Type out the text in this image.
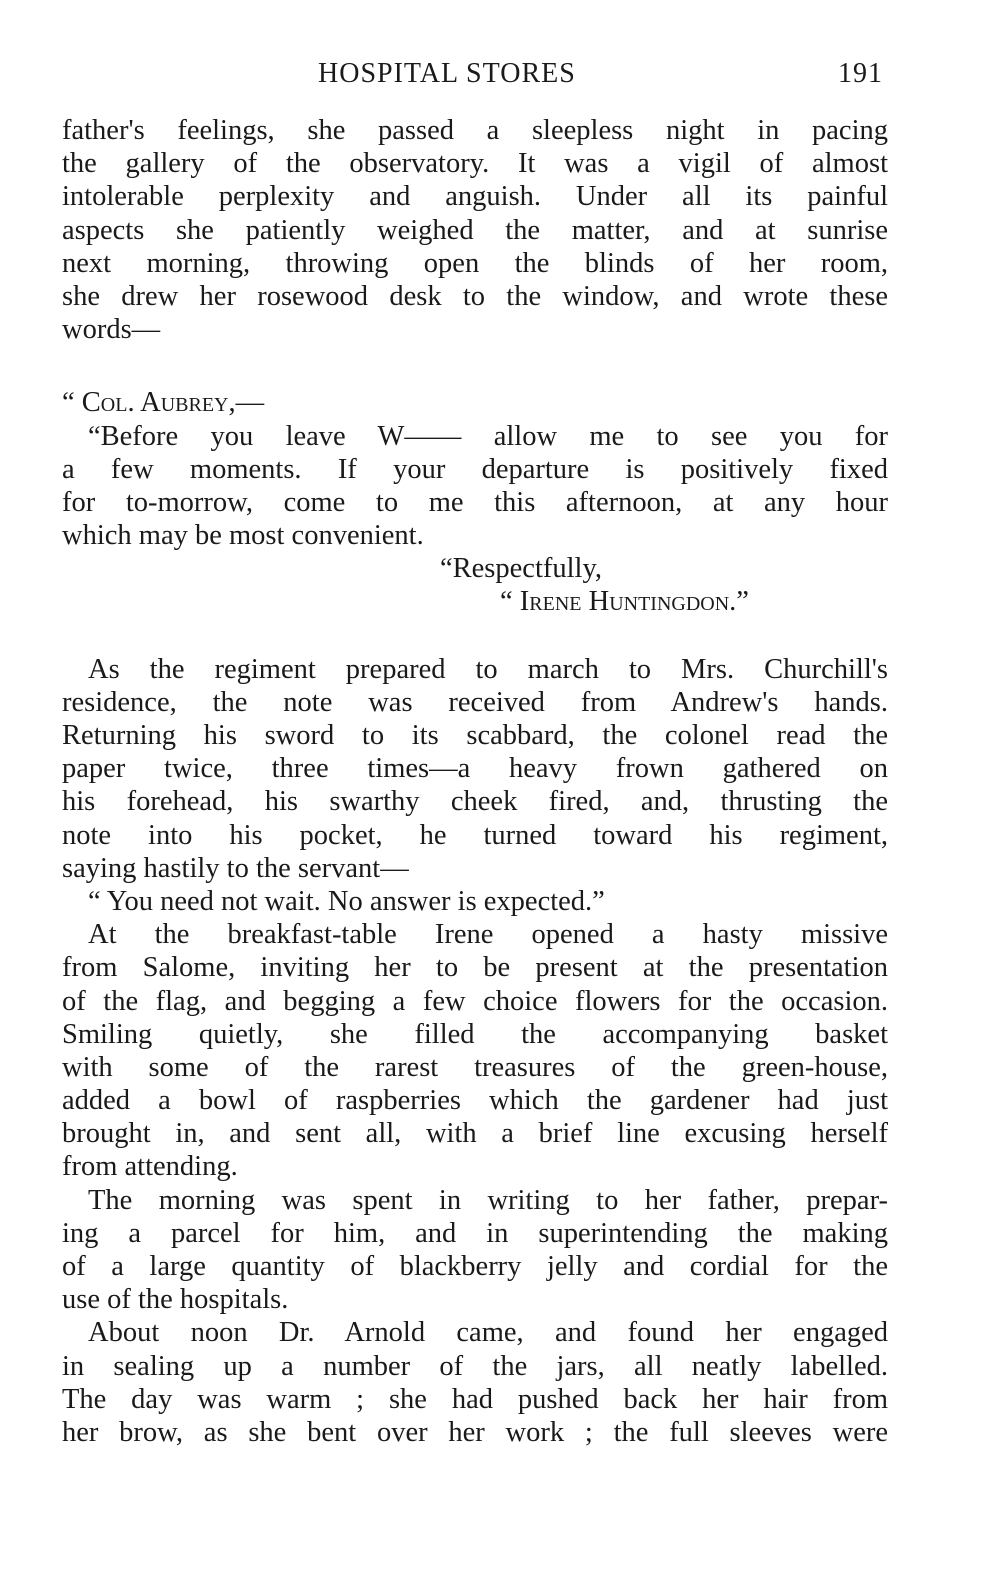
HOSPITAL STORES	191
father's feelings, she passed a sleepless night in pacing
the gallery of the observatory. It was a vigil of almost
intolerable perplexity and anguish. Under all its painful
aspects she patiently weighed the matter, and at sunrise
next morning, throwing open the blinds of her room,
she drew her rosewood desk to the window, and wrote these
words—
“ Col. Aubrey,—
“Before you leave W—— allow me to see you for
a few moments. If your departure is positively fixed
for to-morrow, come to me this afternoon, at any hour
which may be most convenient.
“Respectfully,
“ Irene Huntingdon.”
As the regiment prepared to march to Mrs. Churchill's
residence, the note was received from Andrew's hands.
Returning his sword to its scabbard, the colonel read the
paper twice, three times—a heavy frown gathered on
his forehead, his swarthy cheek fired, and, thrusting the
note into his pocket, he turned toward his regiment,
saying hastily to the servant—
“ You need not wait. No answer is expected.”
At the breakfast-table Irene opened a hasty missive
from Salome, inviting her to be present at the presentation
of the flag, and begging a few choice flowers for the occasion.
Smiling quietly, she filled the accompanying basket
with some of the rarest treasures of the green-house,
added a bowl of raspberries which the gardener had just
brought in, and sent all, with a brief line excusing herself
from attending.
The morning was spent in writing to her father, prepar-
ing a parcel for him, and in superintending the making
of a large quantity of blackberry jelly and cordial for the
use of the hospitals.
About noon Dr. Arnold came, and found her engaged
in sealing up a number of the jars, all neatly labelled.
The day was warm ; she had pushed back her hair from
her brow, as she bent over her work ; the full sleeves were
